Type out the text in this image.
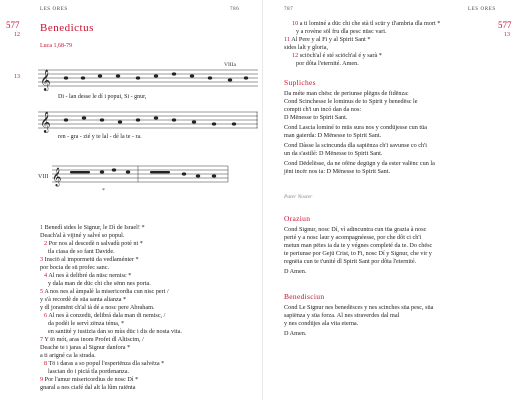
LES ORES	786
577
12
13
Benedictus
Luca 1,68-79
𝄞
𝄞
VIIIa
Di - lan desse le dí i popui, Si - gnur,
ren - gra - zié y te lal - dé la te - ra.
VIII 𝄞
*
1 Benedì sides le Signur, le Dì de Israel! *
Deach'al à vijiné y salvé so popul.
2 Por nos al descedè n salvadù poté nt *
tla ciasa de so fant Davide.
3 Insciö al impormetü da vedlaménter *
por bocia de sü profec sanc.
4 Al nes à delibré da nüsc nemisc *
y dala man de düc chi che sënn nes porta.
5 A nos nes al àmpalè la misericordia cun nisc peri /
y s'à recordè de süa santa alianza *
y dl joramënt ch'al tà dé a nosc pere Abraham.
6 Al nes à conzedü, delibrá dala man di nemisc, /
da podéi le servì zënza téma, *
en santité y iustizia dan so mùs düc i dis de nosta vita.
7 Y tö mót, aras inom Profet dl Altiscim, /
Deache te i jaras al Signur danfora *
a ti arigné ca la strada.
8 Tö i daras a so popul l'esperiënza dla salvëza *
lascian do i piciá tla pordenanza.
9 Por l'amur misericordius de nosc Dì *
gnaral a nes ciafé dal alt la lûm raiënta
787	LES ORES
577
13
10 a ti lominé a düc chi che stà tl scür y tl'ambria dla mort *
y a rovène söl fru dla pesc nüsc vari.
11 Al Pere y al Fi y al Spirit Sant *
sides lalt y gloria,
12 sciöch'al é sté sciöch'al é y sarà *
por dôta l'eternité. Amen.
Supliches
Da méte man chësc de periunse plëgns de fidënza:
Cond Scinchesse le lominus de to Spirit y benedësc le
compit ch'i un incó dan da nos:
D Mënesse to Spirit Sant.
Cond Lascia lominé to müs sura nos y condüjesse cun tüa
man gaierda: D Mënesse to Spirit Sant.
Cond Dàsse la scincunda dla sapiënza ch'i savunse co ch'i
un da s'astilé: D Mënesse to Spirit Sant.
Cond Dëdelësse, da ne ofëne degügn y da ester valënc cun la
jënt incër nos ia: D Mënesse to Spirit Sant.
Pater Noster
Oraziun
Cond Signur, nosc Dí, vì adincuntra cun tüa grazia à nosc
perié y a nosc laur y acompagnéesse, por che dôt ci ch'i
metun man pëies ia da te y végnes completé da te. Do chësc
te periunse por Gejü Crist, to Fi, nosc Dí y Signur, che vir y
regnëia cun te t'unité dl Spirit Sant por dôta l'eternité.
D Amen.
Benedisciun
Cond Le Signur nes benedësces y nes scinches süa pesc, süa
sapiënza y süa forza. Al nes straverdes dal mal
y nes condüjes ala vita eterna.
D Amen.
